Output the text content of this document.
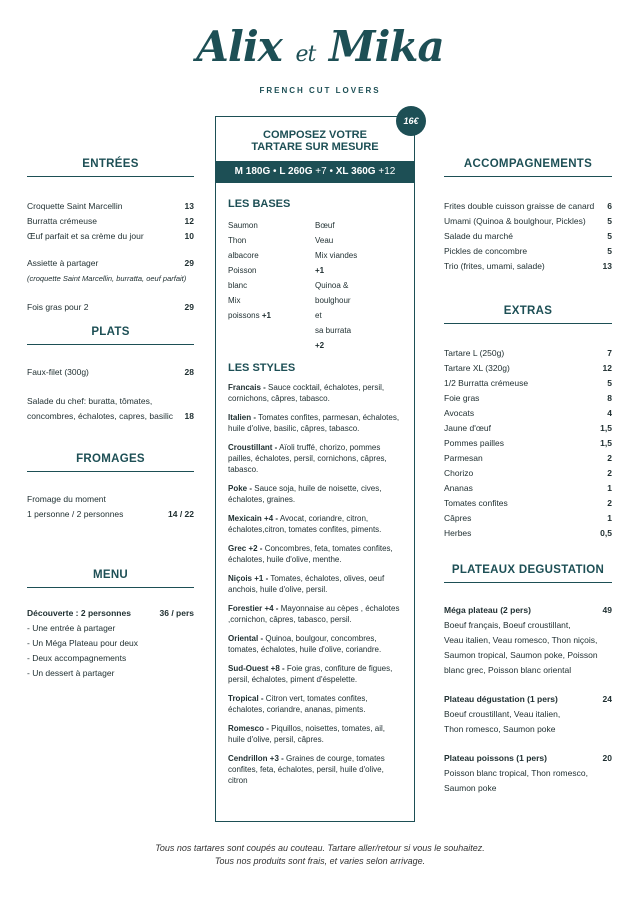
Alix et Mika
FRENCH CUT LOVERS
ENTRÉES
Croquette Saint Marcellin	13
Burratta crémeuse	12
Œuf parfait et sa crème du jour	10
Assiette à partager	29
(croquette Saint Marcellin, burratta, oeuf parfait)
Fois gras pour 2	29
PLATS
Faux-filet (300g)	28
Salade du chef: buratta, tômates,
concombres, échalotes, capres, basilic 18
FROMAGES
Fromage du moment
1 personne / 2 personnes	14 / 22
MENU
Découverte : 2 personnes	36 / pers
- Une entrée à partager
- Un Méga Plateau pour deux
- Deux accompagnements
- Un dessert à partager
COMPOSEZ VOTRE
TARTARE SUR MESURE
M 180G • L 260G +7 • XL 360G +12
LES BASES
Saumon
Thon albacore
Poisson blanc
Mix poissons +1
Bœuf
Veau
Mix viandes +1
Quinoa & boulghour et
sa burrata +2
LES STYLES
Francais - Sauce cocktail, échalotes, persil, cornichons, câpres, tabasco.
Italien - Tomates confites, parmesan, échalotes, huile d'olive, basilic, câpres, tabasco.
Croustillant - Aïoli truffé, chorizo, pommes pailles, échalotes, persil, cornichons, câpres, tabasco.
Poke - Sauce soja, huile de noisette, cives, échalotes, graines.
Mexicain +4 - Avocat, coriandre, citron, échalotes,citron, tomates confites, piments.
Grec +2 - Concombres, feta, tomates confites, échalotes, huile d'olive, menthe.
Niçois +1 - Tomates, échalotes, olives, oeuf anchois, huile d'olive, persil.
Forestier +4 - Mayonnaise au cèpes , échalotes ,cornichon, câpres, tabasco, persil.
Oriental - Quinoa, boulgour, concombres, tomates, échalotes, huile d'olive, coriandre.
Sud-Ouest +8 - Foie gras, confiture de figues, persil, échalotes, piment d'éspelette.
Tropical - Citron vert, tomates confites, échalotes, coriandre, ananas, piments.
Romesco - Piquillos, noisettes, tomates, ail, huile d'olive, persil, câpres.
Cendrillon +3 - Graines de courge, tomates confites, feta, échalotes, persil, huile d'olive, citron
16€
ACCOMPAGNEMENTS
Frites double cuisson graisse de canard 6
Umami (Quinoa & boulghour, Pickles)	5
Salade du marché	5
Pickles de concombre	5
Trio (frites, umami, salade)	13
EXTRAS
Tartare L (250g)	7
Tartare XL (320g)	12
1/2 Burratta crémeuse	5
Foie gras	8
Avocats	4
Jaune d'œuf	1,5
Pommes pailles	1,5
Parmesan	2
Chorizo	2
Ananas	1
Tomates confites	2
Câpres	1
Herbes	0,5
PLATEAUX DEGUSTATION
Méga plateau (2 pers)	49
Boeuf français, Boeuf croustillant,
Veau italien, Veau romesco, Thon niçois,
Saumon tropical, Saumon poke, Poisson
blanc grec, Poisson blanc oriental
Plateau dégustation (1 pers)	24
Boeuf croustillant, Veau italien,
Thon romesco, Saumon poke
Plateau poissons (1 pers)	20
Poisson blanc tropical, Thon romesco,
Saumon poke
Tous nos tartares sont coupés au couteau. Tartare aller/retour si vous le souhaitez.
Tous nos produits sont frais, et varies selon arrivage.
